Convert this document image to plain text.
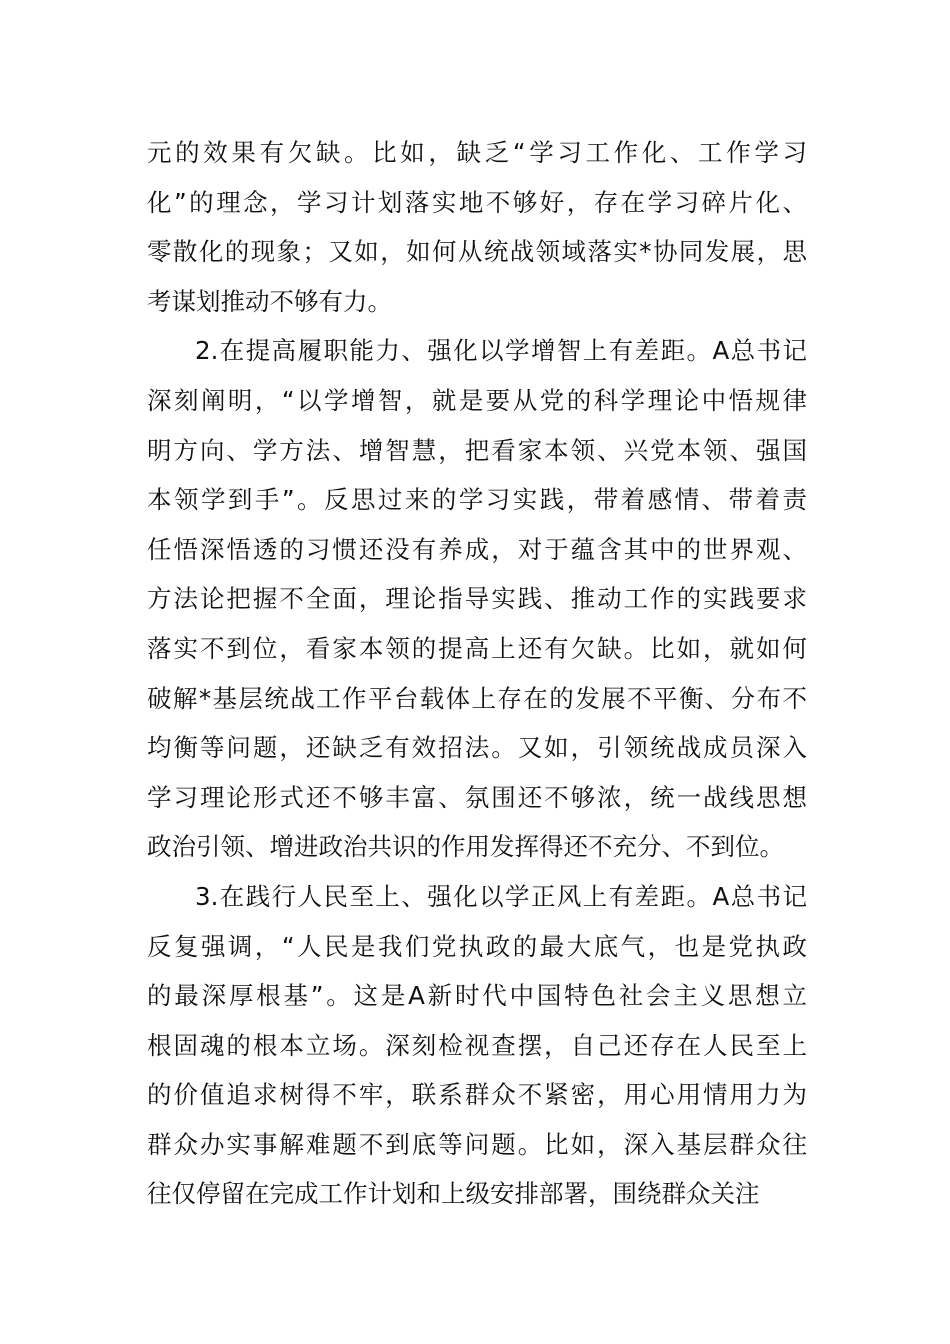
元的效果有欠缺。比如，缺乏“学习工作化、工作学习
化”的理念，学习计划落实地不够好，存在学习碎片化、
零散化的现象；又如，如何从统战领域落实*协同发展，思
考谋划推动不够有力。
2.在提高履职能力、强化以学增智上有差距。A总书记
深刻阐明，“以学增智，就是要从党的科学理论中悟规律
明方向、学方法、增智慧，把看家本领、兴党本领、强国
本领学到手”。反思过来的学习实践，带着感情、带着责
任悟深悟透的习惯还没有养成，对于蕴含其中的世界观、
方法论把握不全面，理论指导实践、推动工作的实践要求
落实不到位，看家本领的提高上还有欠缺。比如，就如何
破解*基层统战工作平台载体上存在的发展不平衡、分布不
均衡等问题，还缺乏有效招法。又如，引领统战成员深入
学习理论形式还不够丰富、氛围还不够浓，统一战线思想
政治引领、增进政治共识的作用发挥得还不充分、不到位。
3.在践行人民至上、强化以学正风上有差距。A总书记
反复强调，“人民是我们党执政的最大底气，也是党执政
的最深厚根基”。这是A新时代中国特色社会主义思想立
根固魂的根本立场。深刻检视查摆，自己还存在人民至上
的价值追求树得不牢，联系群众不紧密，用心用情用力为
群众办实事解难题不到底等问题。比如，深入基层群众往
往仅停留在完成工作计划和上级安排部署，围绕群众关注
